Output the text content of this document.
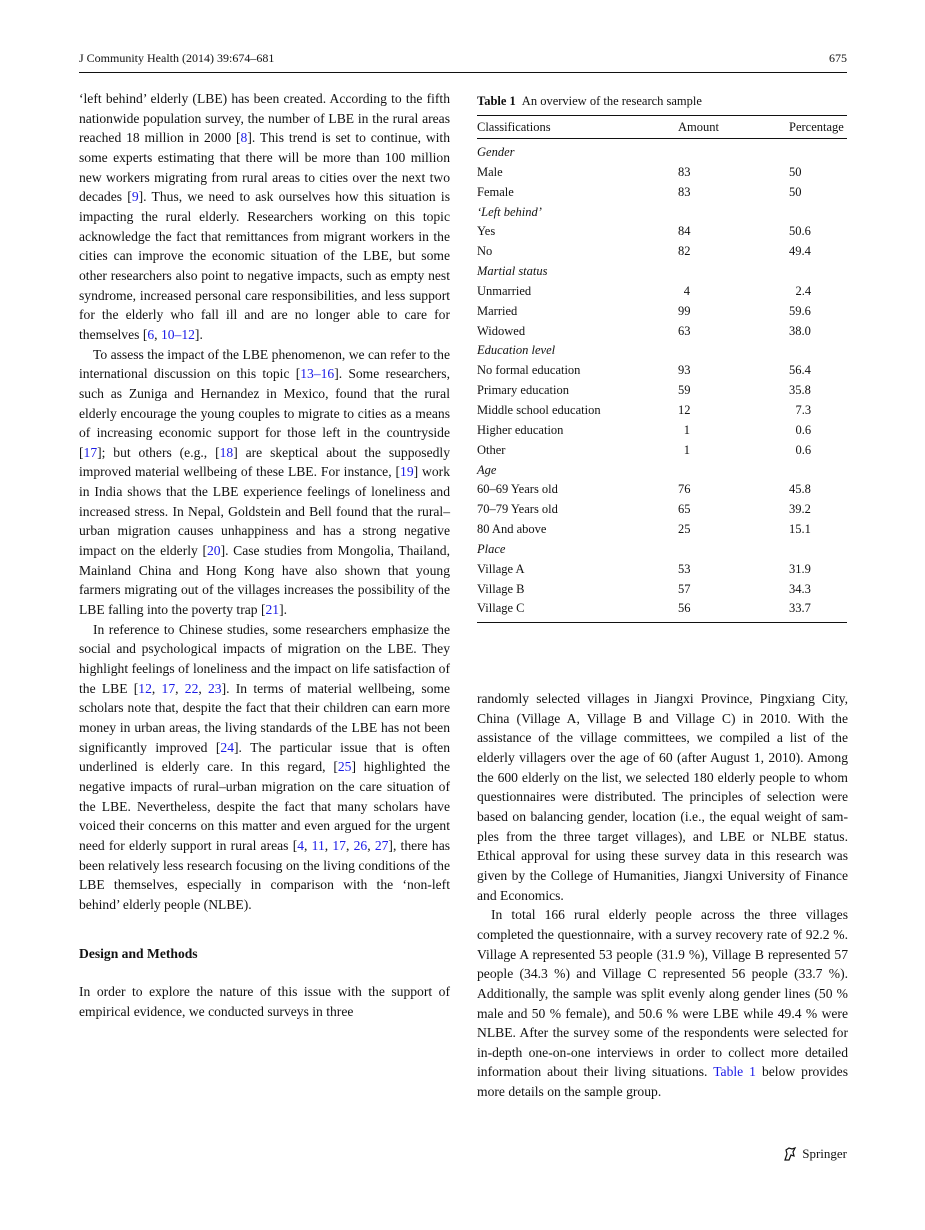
J Community Health (2014) 39:674–681	675

‘left behind’ elderly (LBE) has been created. According to the fifth nationwide population survey, the number of LBE in the rural areas reached 18 million in 2000 [8]. This trend is set to continue, with some experts estimating that there will be more than 100 million new workers migrating from rural areas to cities over the next two decades [9]. Thus, we need to ask ourselves how this situation is impacting the rural elderly. Researchers working on this topic acknowledge the fact that remittances from migrant workers in the cities can improve the economic situation of the LBE, but some other researchers also point to negative impacts, such as empty nest syndrome, increased personal care responsibilities, and less support for the elderly who fall ill and are no longer able to care for themselves [6, 10–12].

To assess the impact of the LBE phenomenon, we can refer to the international discussion on this topic [13–16]. Some researchers, such as Zuniga and Hernandez in Mexico, found that the rural elderly encourage the young couples to migrate to cities as a means of increasing economic support for those left in the countryside [17]; but others (e.g., [18] are skeptical about the supposedly improved material wellbeing of these LBE. For instance, [19] work in India shows that the LBE experience feelings of loneliness and increased stress. In Nepal, Goldstein and Bell found that the rural–urban migration causes unhappiness and has a strong negative impact on the elderly [20]. Case studies from Mongolia, Thailand, Mainland China and Hong Kong have also shown that young farmers migrating out of the villages increases the possibility of the LBE falling into the poverty trap [21].

In reference to Chinese studies, some researchers emphasize the social and psychological impacts of migration on the LBE. They highlight feelings of loneliness and the impact on life satisfaction of the LBE [12, 17, 22, 23]. In terms of material wellbeing, some scholars note that, despite the fact that their children can earn more money in urban areas, the living standards of the LBE has not been significantly improved [24]. The particular issue that is often underlined is elderly care. In this regard, [25] highlighted the negative impacts of rural–urban migration on the care situation of the LBE. Nevertheless, despite the fact that many scholars have voiced their concerns on this matter and even argued for the urgent need for elderly support in rural areas [4, 11, 17, 26, 27], there has been relatively less research focusing on the living conditions of the LBE themselves, especially in comparison with the ‘non-left behind’ elderly people (NLBE).

Design and Methods

In order to explore the nature of this issue with the support of empirical evidence, we conducted surveys in three

Table 1 An overview of the research sample
Classifications	Amount	Percentage
Gender
Male	83	50
Female	83	50
‘Left behind’
Yes	84	50.6
No	82	49.4
Martial status
Unmarried	4	2.4
Married	99	59.6
Widowed	63	38.0
Education level
No formal education	93	56.4
Primary education	59	35.8
Middle school education	12	7.3
Higher education	1	0.6
Other	1	0.6
Age
60–69 Years old	76	45.8
70–79 Years old	65	39.2
80 And above	25	15.1
Place
Village A	53	31.9
Village B	57	34.3
Village C	56	33.7

randomly selected villages in Jiangxi Province, Pingxiang City, China (Village A, Village B and Village C) in 2010. With the assistance of the village committees, we compiled a list of the elderly villagers over the age of 60 (after August 1, 2010). Among the 600 elderly on the list, we selected 180 elderly people to whom questionnaires were distributed. The principles of selection were based on balancing gender, location (i.e., the equal weight of samples from the three target villages), and LBE or NLBE status. Ethical approval for using these survey data in this research was given by the College of Humanities, Jiangxi University of Finance and Economics.

In total 166 rural elderly people across the three villages completed the questionnaire, with a survey recovery rate of 92.2 %. Village A represented 53 people (31.9 %), Village B represented 57 people (34.3 %) and Village C represented 56 people (33.7 %). Additionally, the sample was split evenly along gender lines (50 % male and 50 % female), and 50.6 % were LBE while 49.4 % were NLBE. After the survey some of the respondents were selected for in-depth one-on-one interviews in order to collect more detailed information about their living situations. Table 1 below provides more details on the sample group.

Springer
